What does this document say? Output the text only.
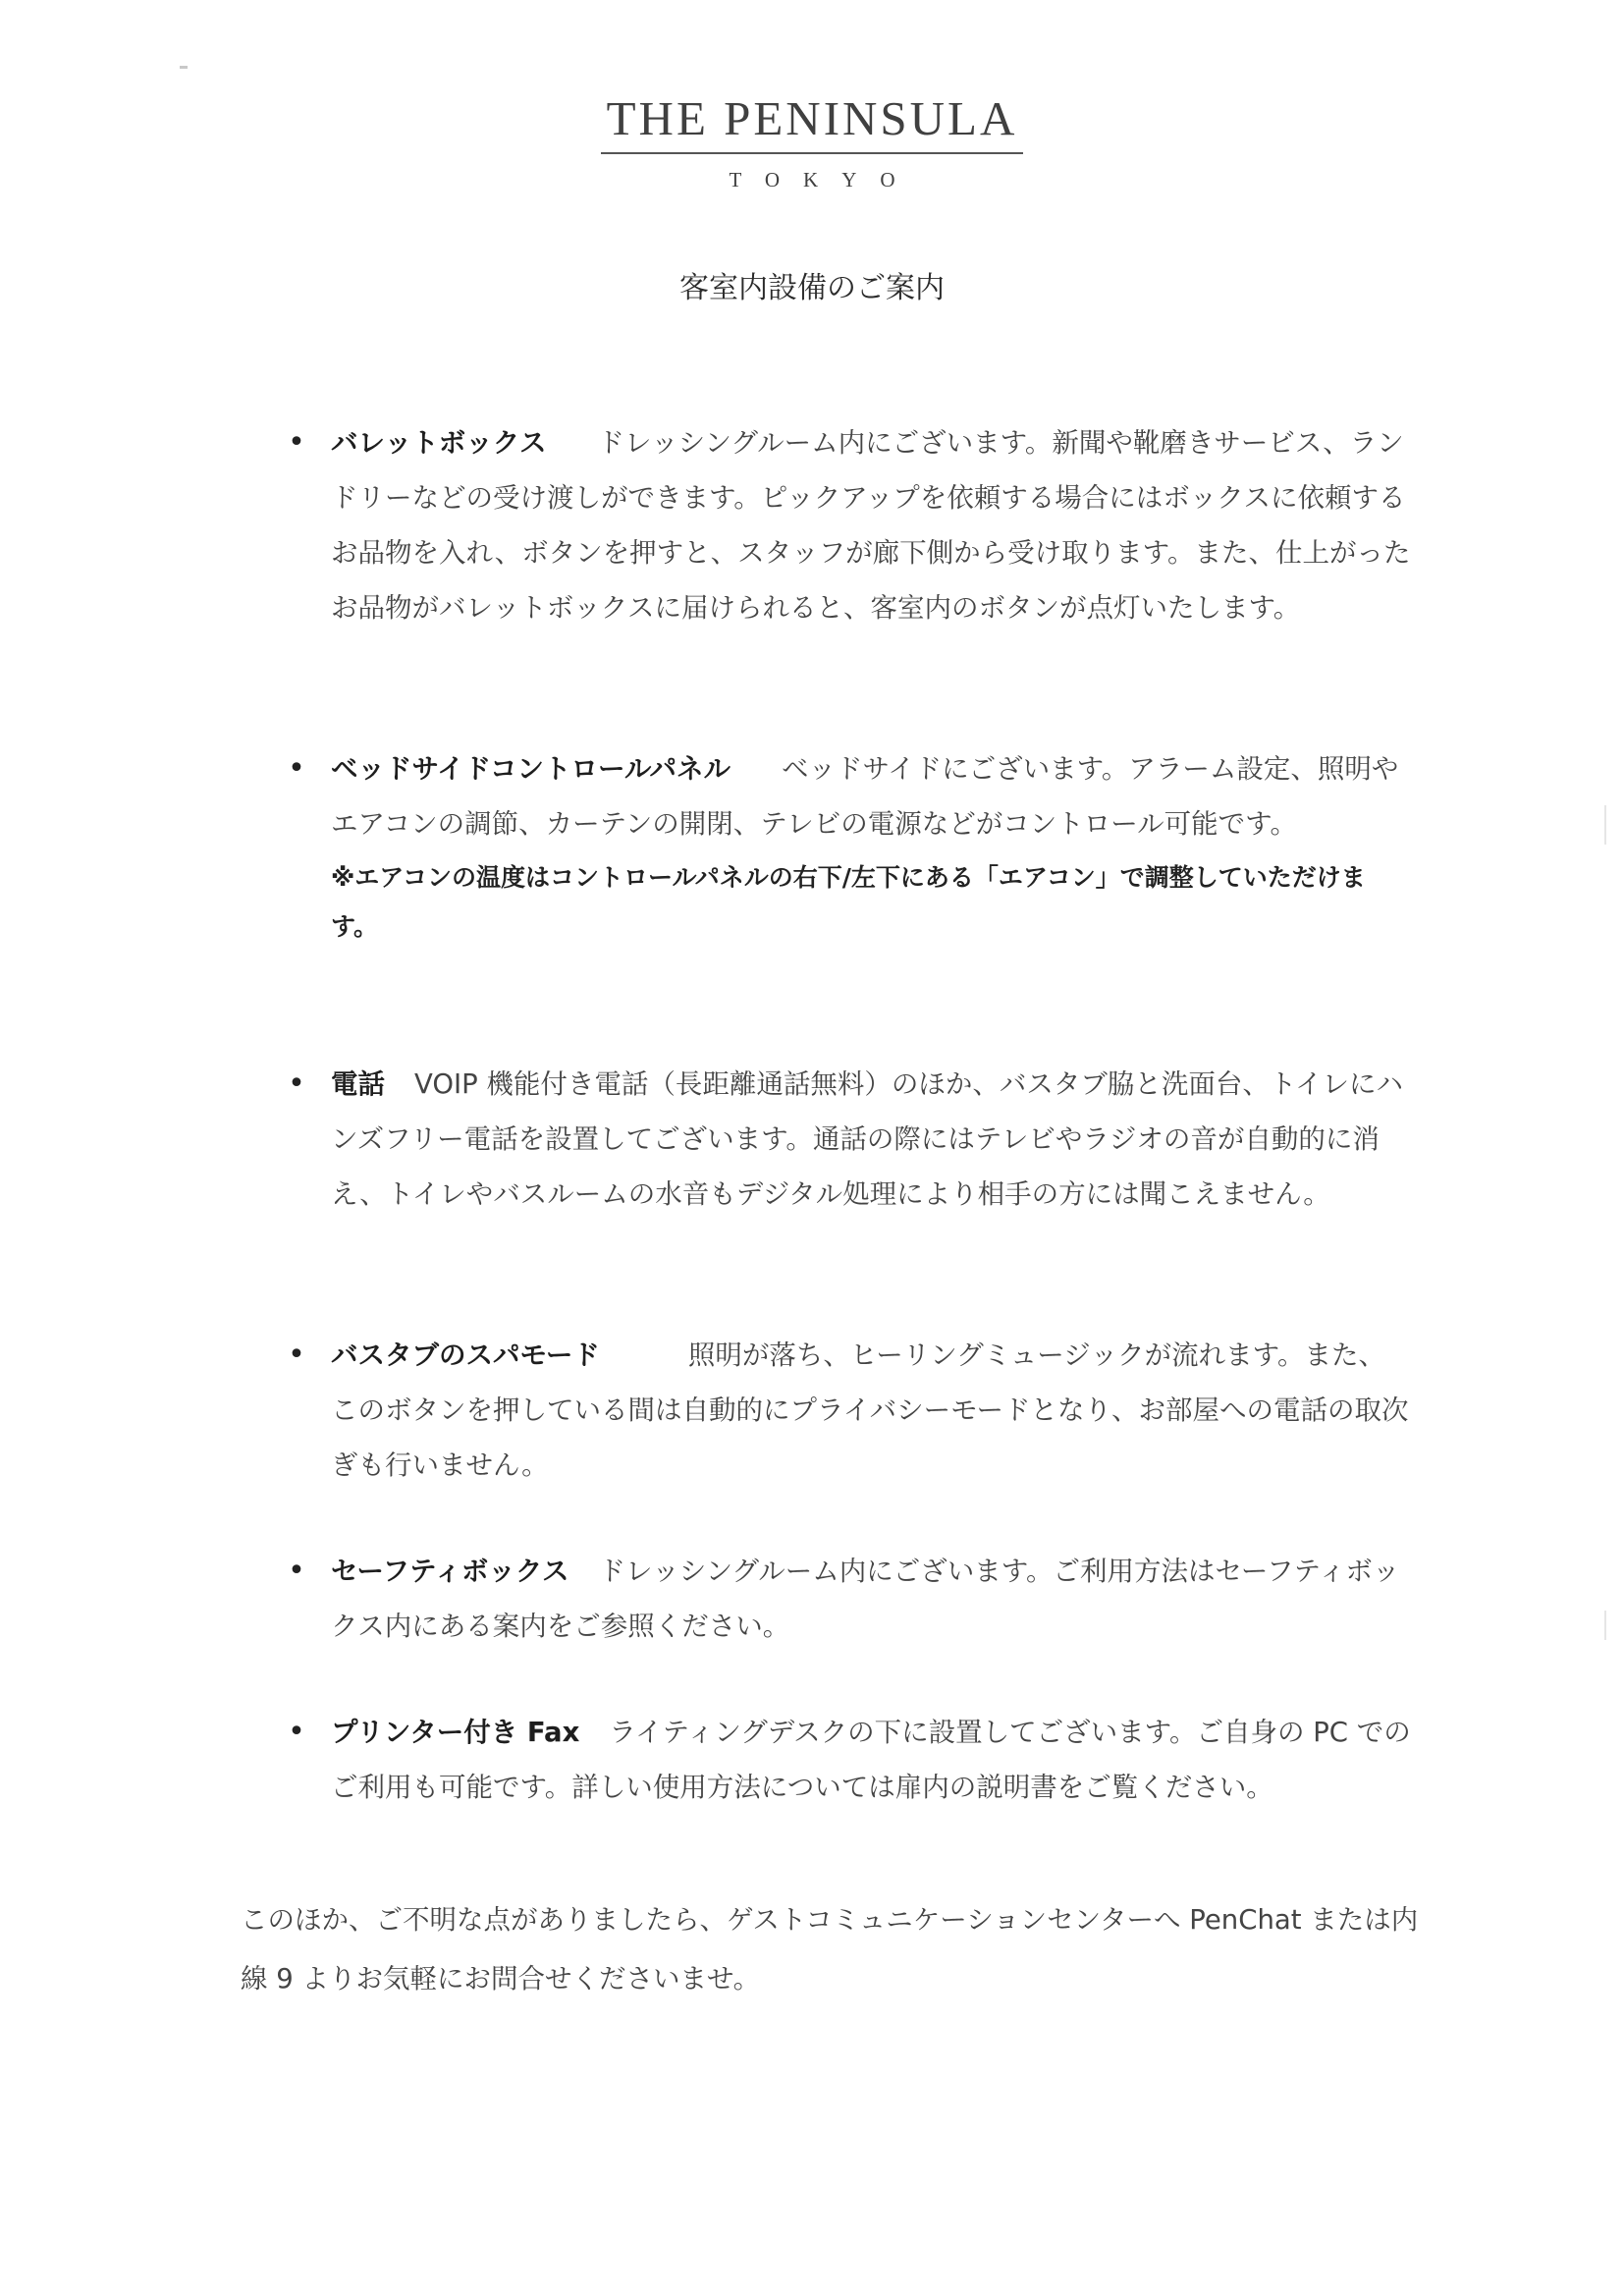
THE PENINSULA
TOKYO
客室内設備のご案内
• バレットボックス ドレッシングルーム内にございます。新聞や靴磨きサービス、ランドリーなどの受け渡しができます。ピックアップを依頼する場合にはボックスに依頼するお品物を入れ、ボタンを押すと、スタッフが廊下側から受け取ります。また、仕上がったお品物がバレットボックスに届けられると、客室内のボタンが点灯いたします。
• ベッドサイドコントロールパネル ベッドサイドにございます。アラーム設定、照明やエアコンの調節、カーテンの開閉、テレビの電源などがコントロール可能です。
※エアコンの温度はコントロールパネルの右下/左下にある「エアコン」で調整していただけます。
• 電話 VOIP 機能付き電話（長距離通話無料）のほか、バスタブ脇と洗面台、トイレにハンズフリー電話を設置してございます。通話の際にはテレビやラジオの音が自動的に消え、トイレやバスルームの水音もデジタル処理により相手の方には聞こえません。
• バスタブのスパモード	照明が落ち、ヒーリングミュージックが流れます。また、このボタンを押している間は自動的にプライバシーモードとなり、お部屋への電話の取次ぎも行いません。
• セーフティボックス ドレッシングルーム内にございます。ご利用方法はセーフティボックス内にある案内をご参照ください。
• プリンター付き Fax ライティングデスクの下に設置してございます。ご自身の PC でのご利用も可能です。詳しい使用方法については扉内の説明書をご覧ください。
このほか、ご不明な点がありましたら、ゲストコミュニケーションセンターへ PenChat または内線 9 よりお気軽にお問合せくださいませ。
